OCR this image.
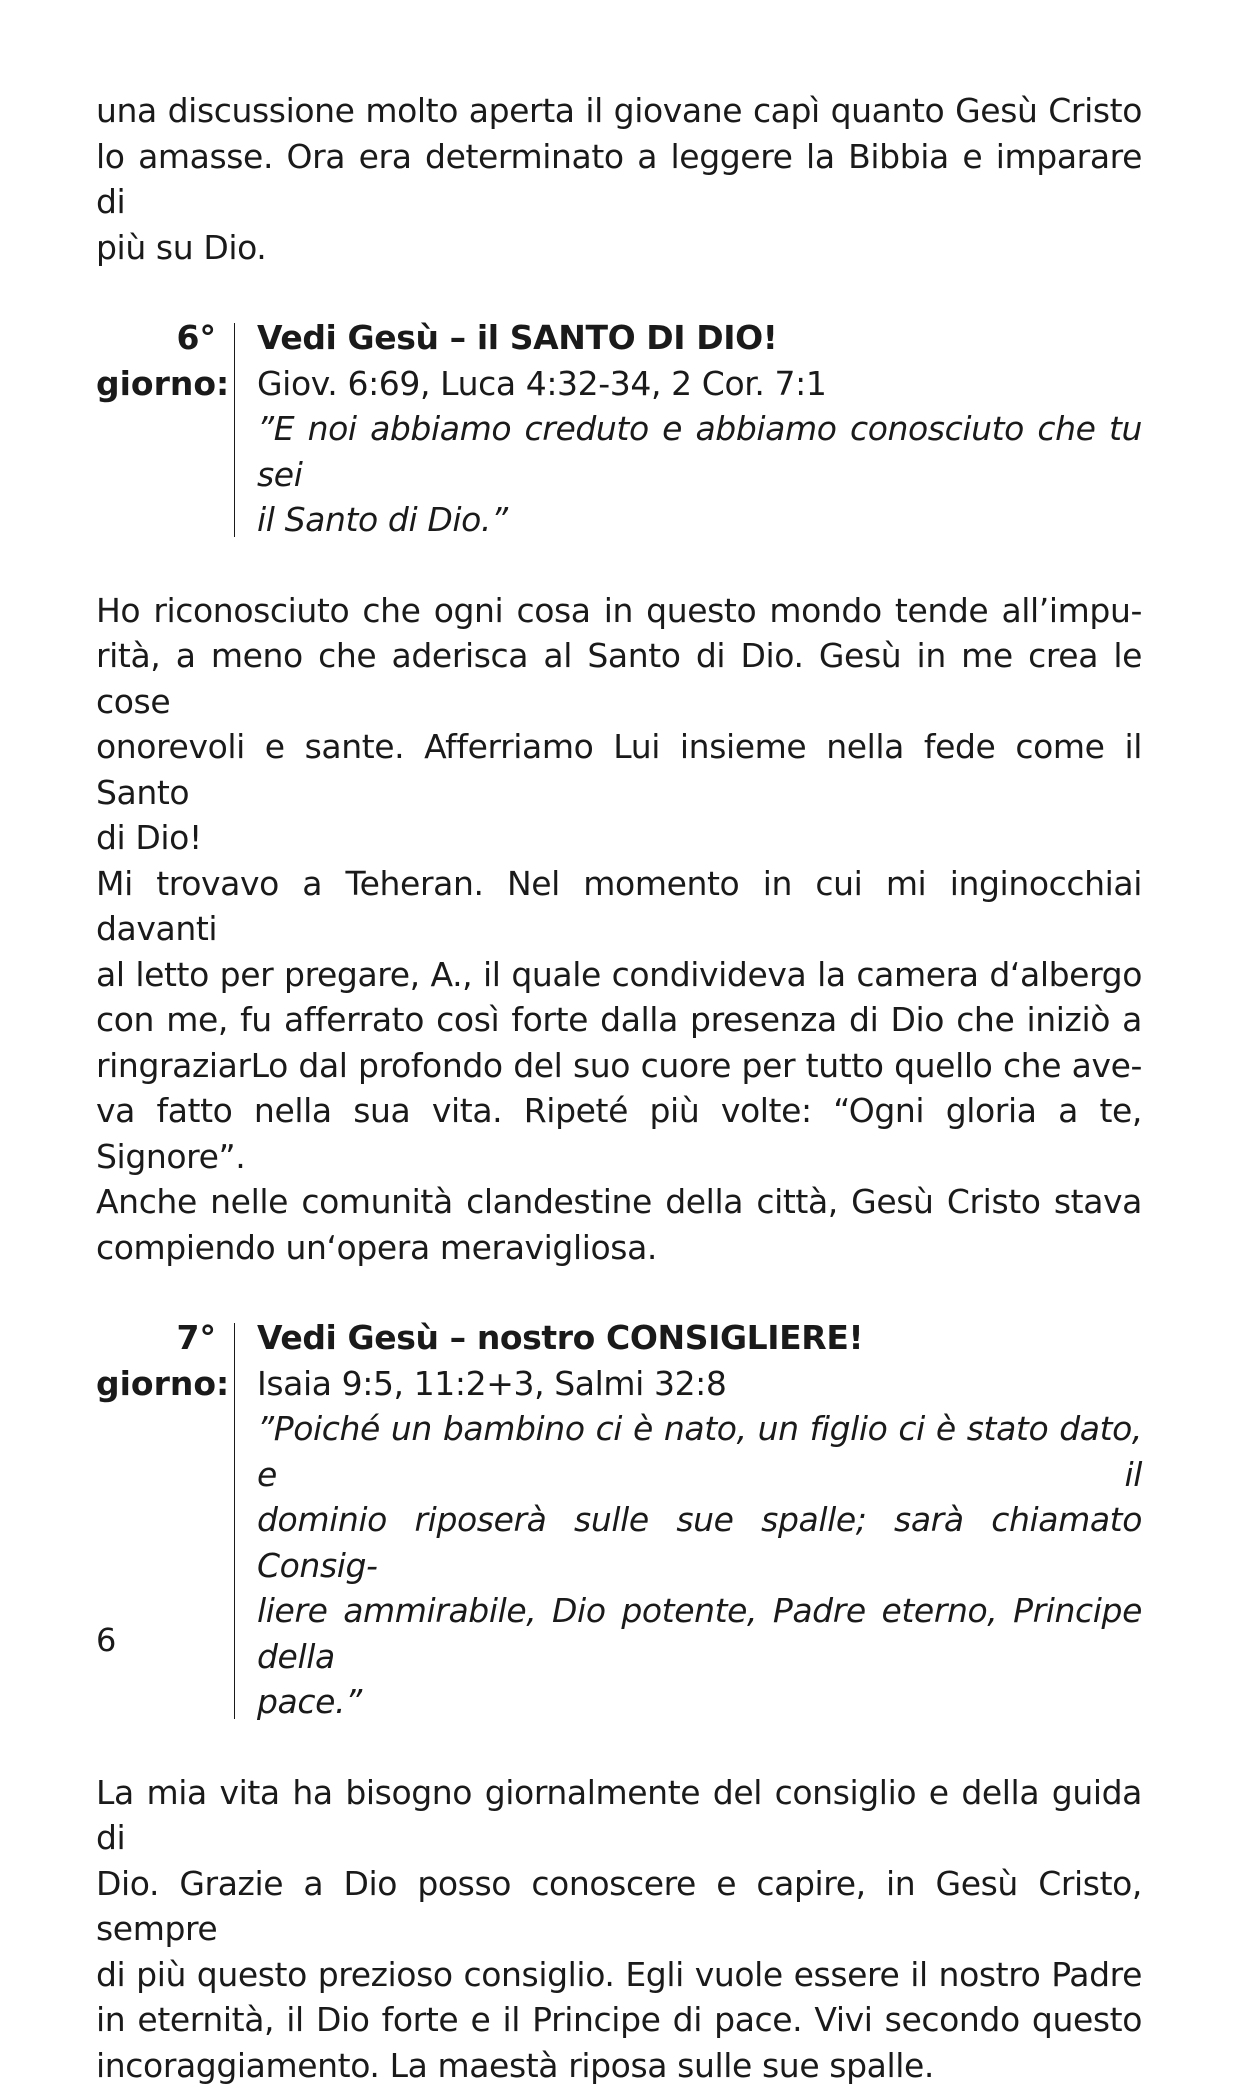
una discussione molto aperta il giovane capì quanto Gesù Cristo
lo amasse. Ora era determinato a leggere la Bibbia e imparare di
più su Dio.

6°
giorno:
Vedi Gesù – il SANTO DI DIO!
Giov. 6:69, Luca 4:32-34, 2 Cor. 7:1
”E noi abbiamo creduto e abbiamo conosciuto che tu sei
il Santo di Dio.”

Ho riconosciuto che ogni cosa in questo mondo tende all’impu-
rità, a meno che aderisca al Santo di Dio. Gesù in me crea le cose
onorevoli e sante. Afferriamo Lui insieme nella fede come il Santo
di Dio!

Mi trovavo a Teheran. Nel momento in cui mi inginocchiai davanti
al letto per pregare, A., il quale condivideva la camera d‘albergo
con me, fu afferrato così forte dalla presenza di Dio che iniziò a
ringraziarLo dal profondo del suo cuore per tutto quello che ave-
va fatto nella sua vita. Ripeté più volte: “Ogni gloria a te, Signore”.
Anche nelle comunità clandestine della città, Gesù Cristo stava
compiendo un‘opera meravigliosa.

7°
giorno:
Vedi Gesù – nostro CONSIGLIERE!
Isaia 9:5, 11:2+3, Salmi 32:8
”Poiché un bambino ci è nato, un figlio ci è stato dato, e il
dominio riposerà sulle sue spalle; sarà chiamato Consig-
liere ammirabile, Dio potente, Padre eterno, Principe della
pace.”

La mia vita ha bisogno giornalmente del consiglio e della guida di
Dio. Grazie a Dio posso conoscere e capire, in Gesù Cristo, sempre
di più questo prezioso consiglio. Egli vuole essere il nostro Padre
in eternità, il Dio forte e il Principe di pace. Vivi secondo questo
incoraggiamento. La maestà riposa sulle sue spalle.

6
